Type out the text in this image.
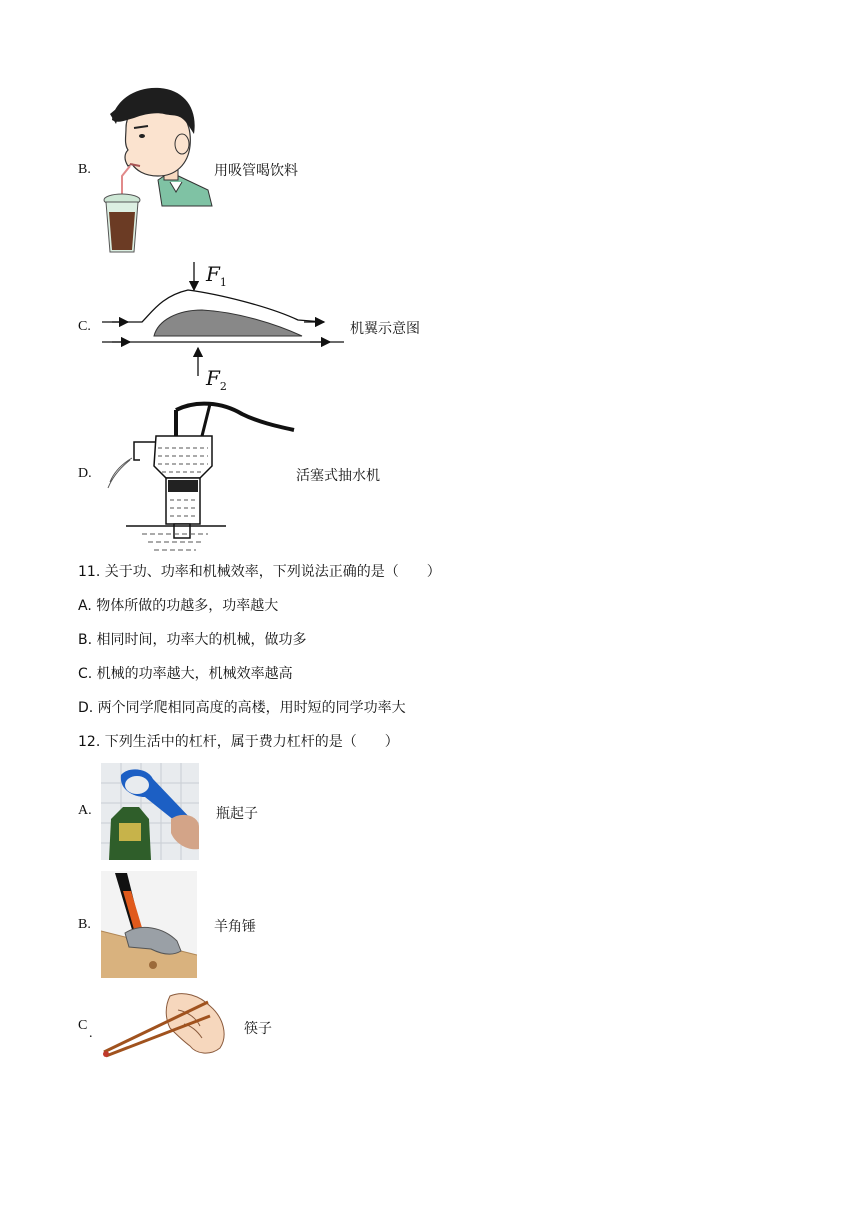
B.	用吸管喝饮料
C.
$F_1$
$F_2$
机翼示意图
D.	活塞式抽水机
11. 关于功、功率和机械效率，下列说法正确的是（　　）
A. 物体所做的功越多，功率越大
B. 相同时间，功率大的机械，做功多
C. 机械的功率越大，机械效率越高
D. 两个同学爬相同高度的高楼，用时短的同学功率大
12. 下列生活中的杠杆，属于费力杠杆的是（　　）
A.	瓶起子
B.	羊角锤
C
.	筷子
